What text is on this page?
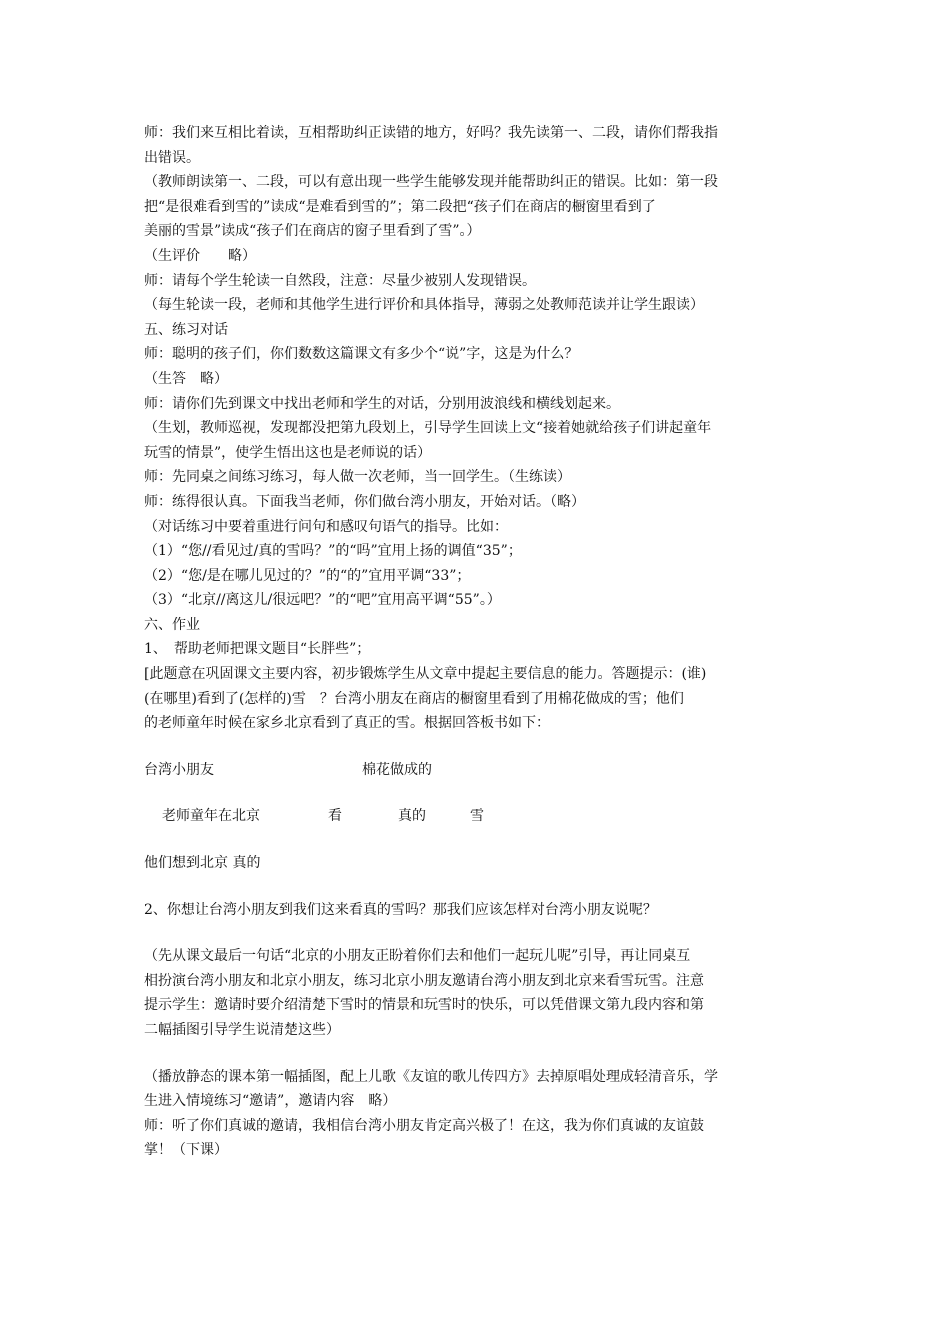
师：我们来互相比着读，互相帮助纠正读错的地方，好吗？我先读第一、二段，请你们帮我指
出错误。
（教师朗读第一、二段，可以有意出现一些学生能够发现并能帮助纠正的错误。比如：第一段
把“是很难看到雪的”读成“是难看到雪的”；第二段把“孩子们在商店的橱窗里看到了
美丽的雪景”读成“孩子们在商店的窗子里看到了雪”。）
（生评价　　略）
师：请每个学生轮读一自然段，注意：尽量少被别人发现错误。
（每生轮读一段，老师和其他学生进行评价和具体指导，薄弱之处教师范读并让学生跟读）
五、练习对话
师：聪明的孩子们，你们数数这篇课文有多少个“说”字，这是为什么？
（生答　略）
师：请你们先到课文中找出老师和学生的对话，分别用波浪线和横线划起来。
（生划，教师巡视，发现都没把第九段划上，引导学生回读上文“接着她就给孩子们讲起童年
玩雪的情景”，使学生悟出这也是老师说的话）
师：先同桌之间练习练习，每人做一次老师，当一回学生。（生练读）
师：练得很认真。下面我当老师，你们做台湾小朋友，开始对话。（略）
（对话练习中要着重进行问句和感叹句语气的指导。比如：
（1）“您//看见过/真的雪吗？”的“吗”宜用上扬的调值“35”；
（2）“您/是在哪儿见过的？”的“的”宜用平调“33”；
（3）“北京//离这儿/很远吧？”的“吧”宜用高平调“55”。）
六、作业
1、　帮助老师把课文题目“长胖些”；
[此题意在巩固课文主要内容，初步锻炼学生从文章中提起主要信息的能力。答题提示：(谁)
(在哪里)看到了(怎样的)雪　？台湾小朋友在商店的橱窗里看到了用棉花做成的雪；他们
的老师童年时候在家乡北京看到了真正的雪。根据回答板书如下：
台湾小朋友	棉花做成的
老师童年在北京	看	真的	雪
他们想到北京 真的
2、你想让台湾小朋友到我们这来看真的雪吗？那我们应该怎样对台湾小朋友说呢？
（先从课文最后一句话“北京的小朋友正盼着你们去和他们一起玩儿呢”引导，再让同桌互
相扮演台湾小朋友和北京小朋友，练习北京小朋友邀请台湾小朋友到北京来看雪玩雪。注意
提示学生：邀请时要介绍清楚下雪时的情景和玩雪时的快乐，可以凭借课文第九段内容和第
二幅插图引导学生说清楚这些）
（播放静态的课本第一幅插图，配上儿歌《友谊的歌儿传四方》去掉原唱处理成轻清音乐，学
生进入情境练习“邀请”，邀请内容　略）
师：听了你们真诚的邀请，我相信台湾小朋友肯定高兴极了！在这，我为你们真诚的友谊鼓
掌！（下课）
